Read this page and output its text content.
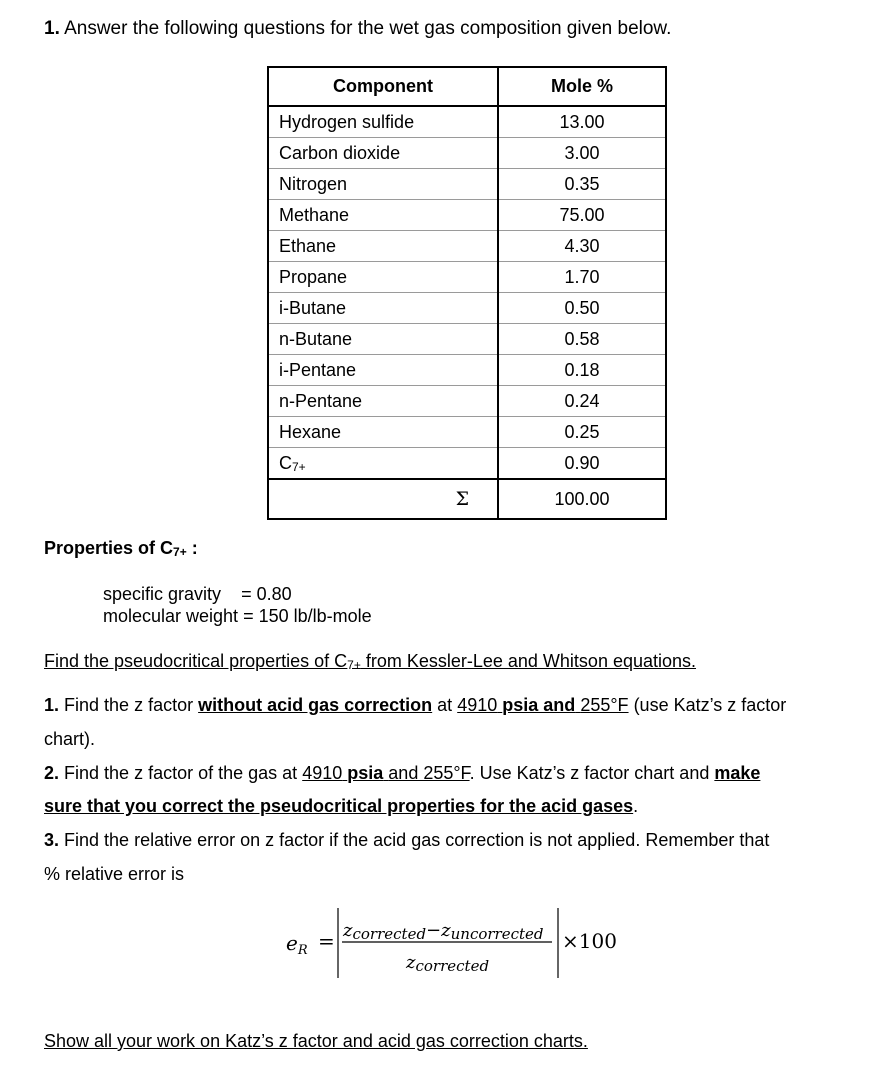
1. Answer the following questions for the wet gas composition given below.
Component	Mole %
Hydrogen sulfide	13.00
Carbon dioxide	3.00
Nitrogen	0.35
Methane	75.00
Ethane	4.30
Propane	1.70
i-Butane	0.50
n-Butane	0.58
i-Pentane	0.18
n-Pentane	0.24
Hexane	0.25
$C_{7+}$	0.90
Σ	100.00
Properties of $C_{7+}$ :
specific gravity = 0.80
molecular weight = 150 lb/lb-mole
Find the pseudocritical properties of $C_{7+}$ from Kessler-Lee and Whitson equations.
1. Find the z factor without acid gas correction at 4910 psia and 255°F (use Katz’s z factor
chart).
2. Find the z factor of the gas at 4910 psia and 255°F. Use Katz’s z factor chart and make
sure that you correct the pseudocritical properties for the acid gases.
3. Find the relative error on z factor if the acid gas correction is not applied. Remember that
% relative error is
$e_R$ = zcorrected−zuncorrected
zcorrected
×100
Show all your work on Katz’s z factor and acid gas correction charts.
